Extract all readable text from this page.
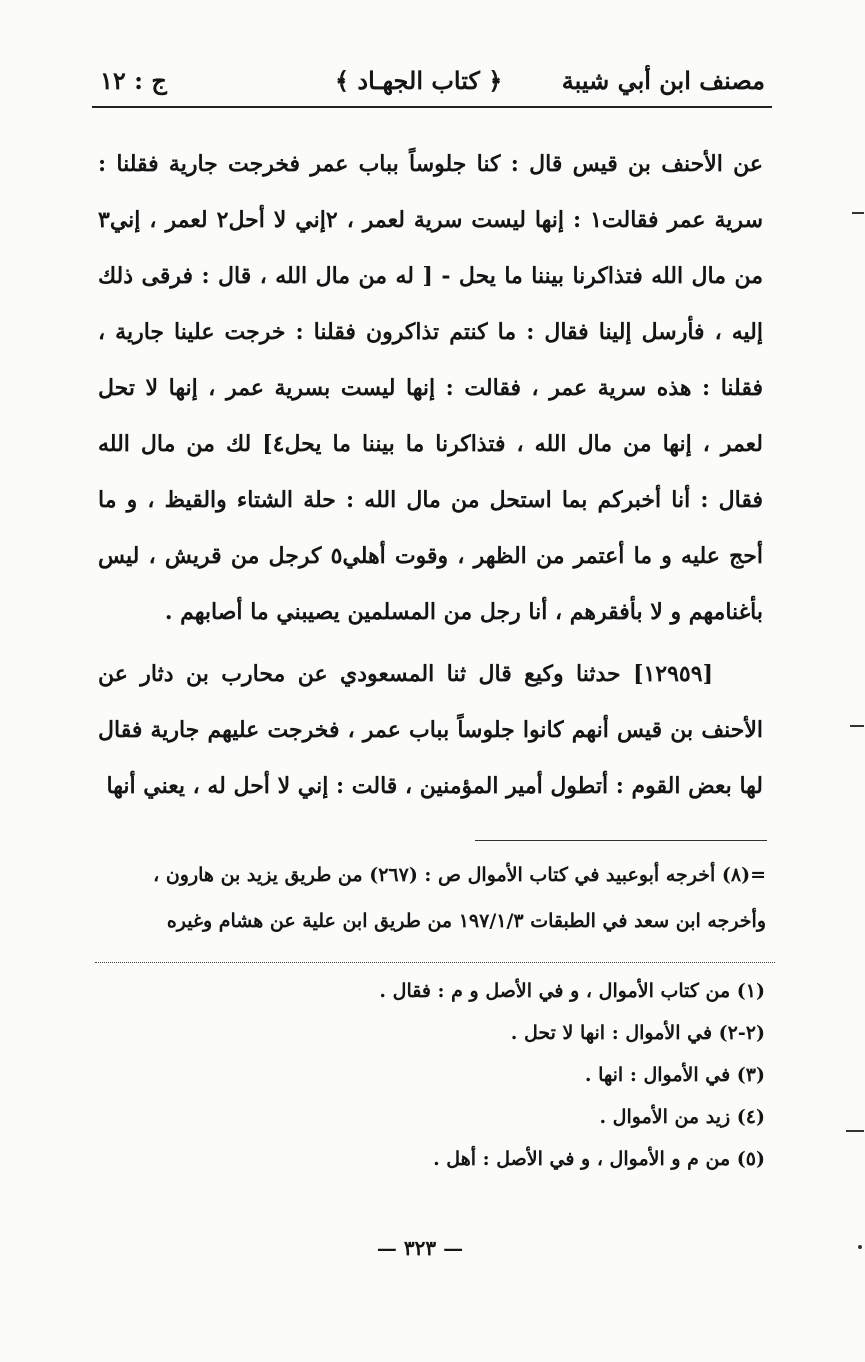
مصنف ابن أبي شيبة
﴿ كتاب الجهـاد ﴾
ج : ١٢

عن الأحنف بن قيس قال : كنا جلوساً بباب عمر فخرجت جارية فقلنا : سرية عمر فقالت١ : إنها ليست سرية لعمر ، ٢إني لا أحل٢ لعمر ، إني٣ من مال الله فتذاكرنا بيننا ما يحل - [ له من مال الله ، قال : فرقى ذلك إليه ، فأرسل إلينا فقال : ما كنتم تذاكرون فقلنا : خرجت علينا جارية ، فقلنا : هذه سرية عمر ، فقالت : إنها ليست بسرية عمر ، إنها لا تحل لعمر ، إنها من مال الله ، فتذاكرنا ما بيننا ما يحل٤] لك من مال الله فقال : أنا أخبركم بما استحل من مال الله : حلة الشتاء والقيظ ، و ما أحج عليه و ما أعتمر من الظهر ، وقوت أهلي٥ كرجل من قريش ، ليس بأغنامهم و لا بأفقرهم ، أنا رجل من المسلمين يصيبني ما أصابهم .

[١٢٩٥٩] حدثنا وكيع قال ثنا المسعودي عن محارب بن دثار عن الأحنف بن قيس أنهم كانوا جلوساً بباب عمر ، فخرجت عليهم جارية فقال لها بعض القوم : أتطول أمير المؤمنين ، قالت : إني لا أحل له ، يعني أنها

=(٨) أخرجه أبوعبيد في كتاب الأموال ص : (٢٦٧) من طريق يزيد بن هارون ،
وأخرجه ابن سعد في الطبقات ١٩٧/١/٣ من طريق ابن علية عن هشام وغيره
(١) من كتاب الأموال ، و في الأصل و م : فقال .
(٢-٢) في الأموال : انها لا تحل .
(٣) في الأموال : انها .
(٤) زيد من الأموال .
(٥) من م و الأموال ، و في الأصل : أهل .
— ٣٢٣ —
